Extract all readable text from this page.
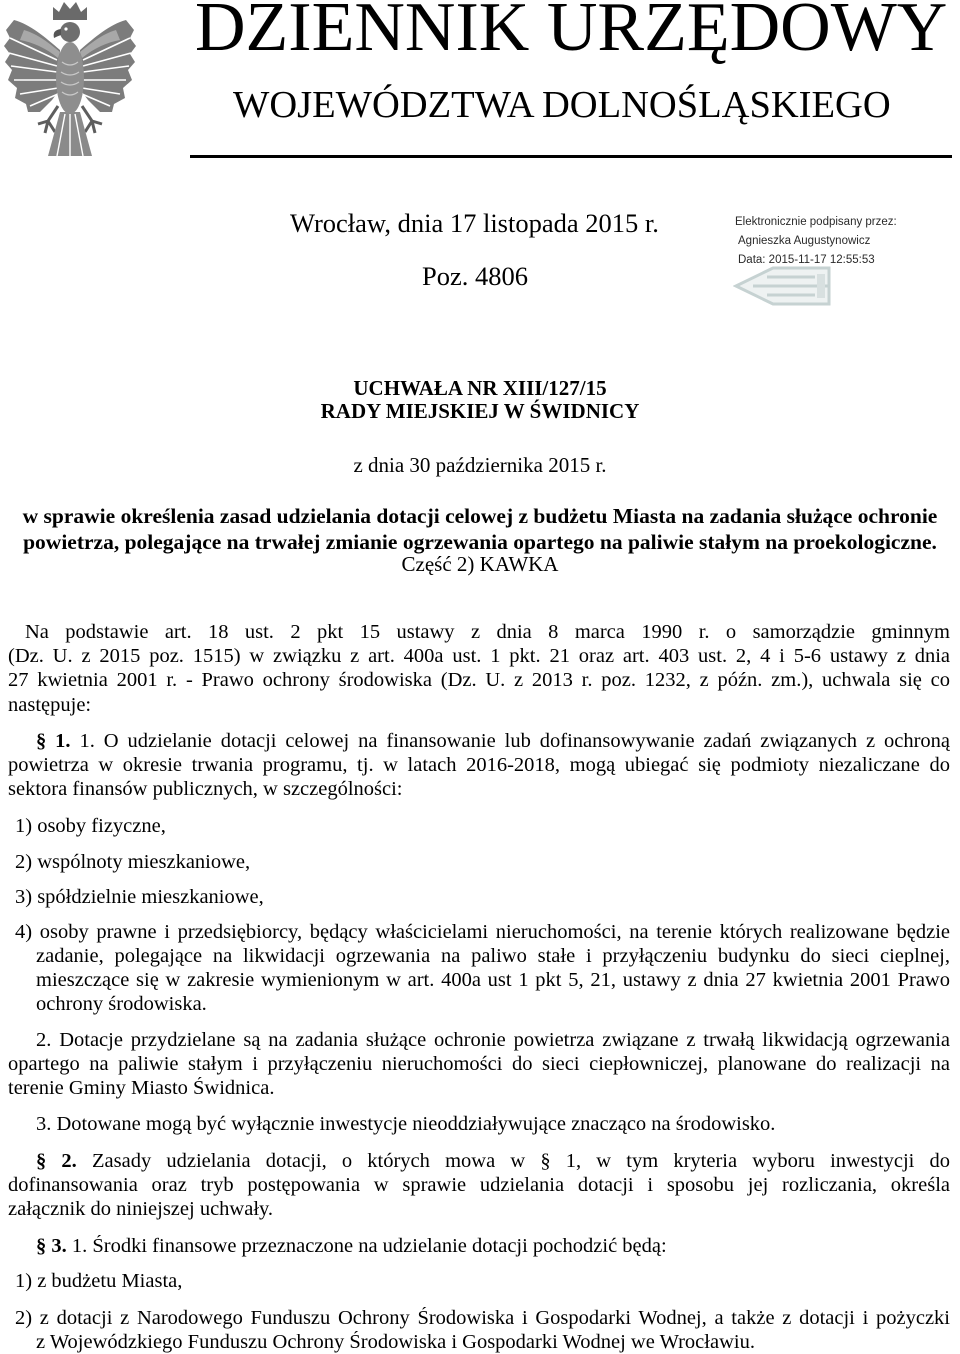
DZIENNIK URZĘDOWY
WOJEWÓDZTWA DOLNOŚLĄSKIEGO
Wrocław, dnia 17 listopada 2015 r.
Poz. 4806
Elektronicznie podpisany przez:
Agnieszka Augustynowicz
Data: 2015-11-17 12:55:53
UCHWAŁA NR XIII/127/15
RADY MIEJSKIEJ W ŚWIDNICY
z dnia 30 października 2015 r.
w sprawie określenia zasad udzielania dotacji celowej z budżetu Miasta na zadania służące ochronie
powietrza, polegające na trwałej zmianie ogrzewania opartego na paliwie stałym na proekologiczne.
Część 2) KAWKA
Na podstawie art. 18 ust. 2 pkt 15 ustawy z dnia 8 marca 1990 r. o samorządzie gminnym
(Dz. U. z 2015 poz. 1515) w związku z art. 400a ust. 1 pkt. 21 oraz art. 403 ust. 2, 4 i 5-6 ustawy z dnia
27 kwietnia 2001 r. - Prawo ochrony środowiska (Dz. U. z 2013 r. poz. 1232, z późn. zm.), uchwala się co
następuje:
§ 1. 1. O udzielanie dotacji celowej na finansowanie lub dofinansowywanie zadań związanych z ochroną
powietrza w okresie trwania programu, tj. w latach 2016-2018, mogą ubiegać się podmioty niezaliczane do
sektora finansów publicznych, w szczególności:
1) osoby fizyczne,
2) wspólnoty mieszkaniowe,
3) spółdzielnie mieszkaniowe,
4) osoby prawne i przedsiębiorcy, będący właścicielami nieruchomości, na terenie których realizowane będzie
zadanie, polegające na likwidacji ogrzewania na paliwo stałe i przyłączeniu budynku do sieci cieplnej,
mieszczące się w zakresie wymienionym w art. 400a ust 1 pkt 5, 21, ustawy z dnia 27 kwietnia 2001 Prawo
ochrony środowiska.
2. Dotacje przydzielane są na zadania służące ochronie powietrza związane z trwałą likwidacją ogrzewania
opartego na paliwie stałym i przyłączeniu nieruchomości do sieci ciepłowniczej, planowane do realizacji na
terenie Gminy Miasto Świdnica.
3. Dotowane mogą być wyłącznie inwestycje nieoddziaływujące znacząco na środowisko.
§ 2. Zasady udzielania dotacji, o których mowa w § 1, w tym kryteria wyboru inwestycji do
dofinansowania oraz tryb postępowania w sprawie udzielania dotacji i sposobu jej rozliczania, określa
załącznik do niniejszej uchwały.
§ 3. 1. Środki finansowe przeznaczone na udzielanie dotacji pochodzić będą:
1) z budżetu Miasta,
2) z dotacji z Narodowego Funduszu Ochrony Środowiska i Gospodarki Wodnej, a także z dotacji i pożyczki
z Wojewódzkiego Funduszu Ochrony Środowiska i Gospodarki Wodnej we Wrocławiu.
